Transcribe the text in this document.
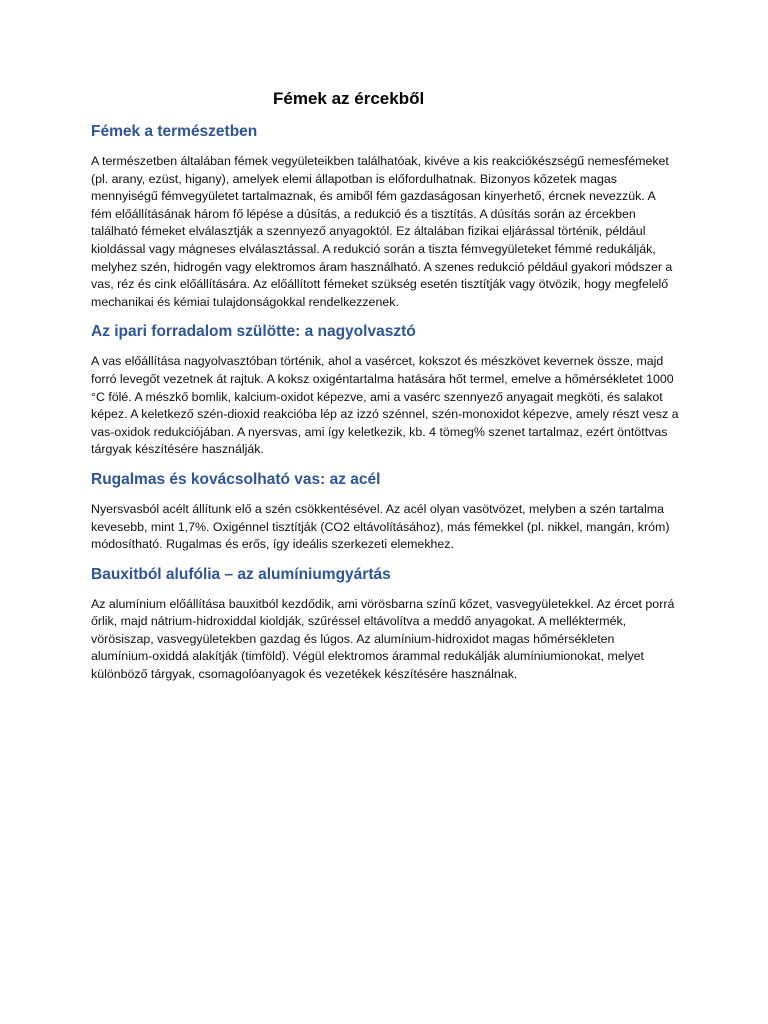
Fémek az ércekből
Fémek a természetben

A természetben általában fémek vegyületeikben találhatóak, kivéve a kis reakciókészségű nemesfémeket (pl. arany, ezüst, higany), amelyek elemi állapotban is előfordulhatnak. Bizonyos kőzetek magas mennyiségű fémvegyületet tartalmaznak, és amiből fém gazdaságosan kinyerhető, ércnek nevezzük. A fém előállításának három fő lépése a dúsítás, a redukció és a tisztítás. A dúsítás során az ércekben található fémeket elválasztják a szennyező anyagoktól. Ez általában fizikai eljárással történik, például kioldással vagy mágneses elválasztással. A redukció során a tiszta fémvegyületeket fémmé redukálják, melyhez szén, hidrogén vagy elektromos áram használható. A szenes redukció például gyakori módszer a vas, réz és cink előállítására. Az előállított fémeket szükség esetén tisztítják vagy ötvözik, hogy megfelelő mechanikai és kémiai tulajdonságokkal rendelkezzenek.

Az ipari forradalom szülötte: a nagyolvasztó

A vas előállítása nagyolvasztóban történik, ahol a vasércet, kokszot és mészkövet kevernek össze, majd forró levegőt vezetnek át rajtuk. A koksz oxigéntartalma hatására hőt termel, emelve a hőmérsékletet 1000 °C fölé. A mészkő bomlik, kalcium-oxidot képezve, ami a vasérc szennyező anyagait megköti, és salakot képez. A keletkező szén-dioxid reakcióba lép az izzó szénnel, szén-monoxidot képezve, amely részt vesz a vas-oxidok redukciójában. A nyersvas, ami így keletkezik, kb. 4 tömeg% szenet tartalmaz, ezért öntöttvas tárgyak készítésére használják.

Rugalmas és kovácsolható vas: az acél

Nyersvasból acélt állítunk elő a szén csökkentésével. Az acél olyan vasötvözet, melyben a szén tartalma kevesebb, mint 1,7%. Oxigénnel tisztítják (CO2 eltávolításához), más fémekkel (pl. nikkel, mangán, króm) módosítható. Rugalmas és erős, így ideális szerkezeti elemekhez.

Bauxitból alufólia – az alumíniumgyártás

Az alumínium előállítása bauxitból kezdődik, ami vörösbarna színű kőzet, vasvegyületekkel. Az ércet porrá őrlik, majd nátrium-hidroxiddal kioldják, szűréssel eltávolítva a meddő anyagokat. A melléktermék, vörösiszap, vasvegyületekben gazdag és lúgos. Az alumínium-hidroxidot magas hőmérsékleten alumínium-oxiddá alakítják (timföld). Végül elektromos árammal redukálják alumíniumionokat, melyet különböző tárgyak, csomagolóanyagok és vezetékek készítésére használnak.
